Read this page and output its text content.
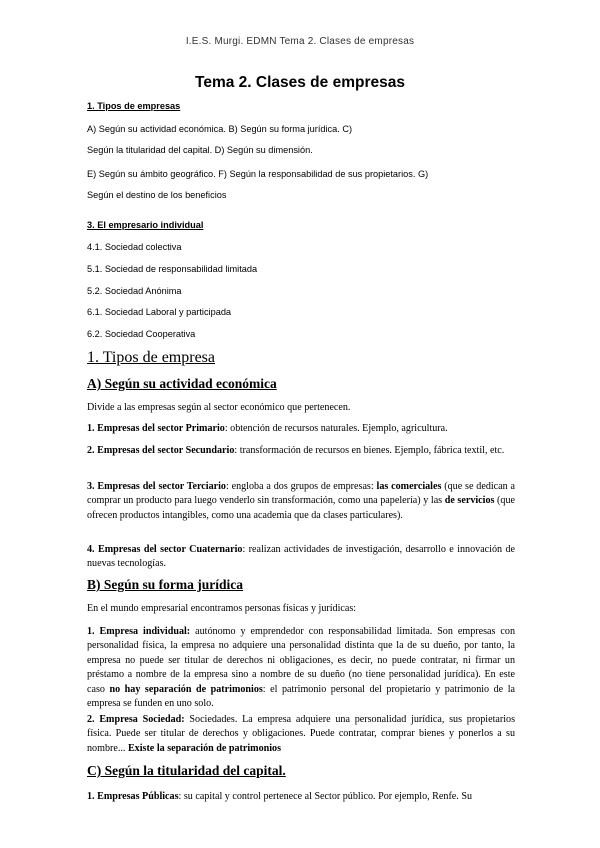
I.E.S. Murgi. EDMN Tema 2. Clases de empresas
Tema 2. Clases de empresas
1. Tipos de empresas
A) Según su actividad económica. B) Según su forma jurídica. C)
Según la titularidad del capital. D) Según su dimensión.
E) Según su ámbito geográfico. F) Según la responsabilidad de sus propietarios. G)
Según el destino de los beneficios
3. El empresario individual
4.1. Sociedad colectiva
5.1. Sociedad de responsabilidad limitada
5.2. Sociedad Anónima
6.1. Sociedad Laboral y participada
6.2. Sociedad Cooperativa
1. Tipos de empresa
A) Según su actividad económica
Divide a las empresas según al sector económico que pertenecen.
1. Empresas del sector Primario: obtención de recursos naturales. Ejemplo, agricultura.
2. Empresas del sector Secundario: transformación de recursos en bienes. Ejemplo, fábrica textil, etc.
3. Empresas del sector Terciario: engloba a dos grupos de empresas: las comerciales (que se dedican a comprar un producto para luego venderlo sin transformación, como una papelería) y las de servicios (que ofrecen productos intangibles, como una academia que da clases particulares).
4. Empresas del sector Cuaternario: realizan actividades de investigación, desarrollo e innovación de nuevas tecnologías.
B) Según su forma jurídica
En el mundo empresarial encontramos personas físicas y jurídicas:
1. Empresa individual: autónomo y emprendedor con responsabilidad limitada. Son empresas con personalidad física, la empresa no adquiere una personalidad distinta que la de su dueño, por tanto, la empresa no puede ser titular de derechos ni obligaciones, es decir, no puede contratar, ni firmar un préstamo a nombre de la empresa sino a nombre de su dueño (no tiene personalidad jurídica). En este caso no hay separación de patrimonios: el patrimonio personal del propietario y patrimonio de la empresa se funden en uno solo.
2. Empresa Sociedad: Sociedades. La empresa adquiere una personalidad jurídica, sus propietarios física. Puede ser titular de derechos y obligaciones. Puede contratar, comprar bienes y ponerlos a su nombre... Existe la separación de patrimonios
C) Según la titularidad del capital.
1. Empresas Públicas: su capital y control pertenece al Sector público. Por ejemplo, Renfe. Su
